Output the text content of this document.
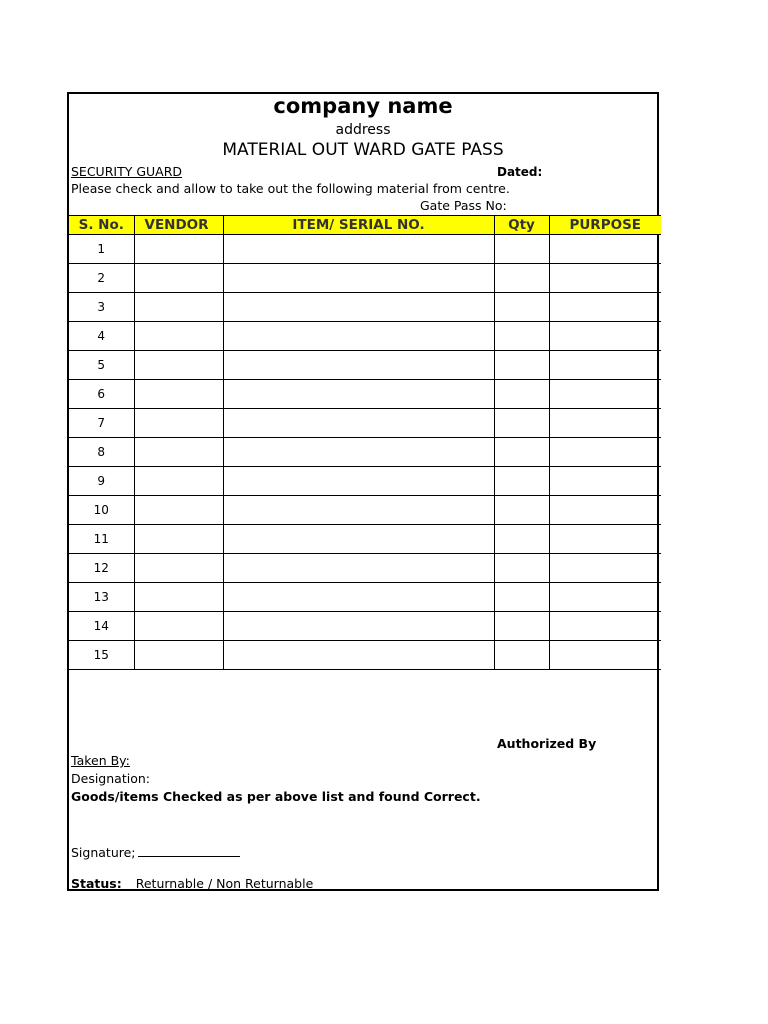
company name
address
MATERIAL OUT WARD GATE PASS
SECURITY GUARD	Dated:
Please check and allow to take out the following material from centre.
Gate Pass No:
S. No.	VENDOR	ITEM/ SERIAL NO.	Qty	PURPOSE
1				
2				
3				
4				
5				
6				
7				
8				
9				
10				
11				
12				
13				
14				
15				
Authorized By
Taken By:
Designation:
Goods/items Checked as per above list and found Correct.
Signature;
Status: Returnable / Non Returnable
